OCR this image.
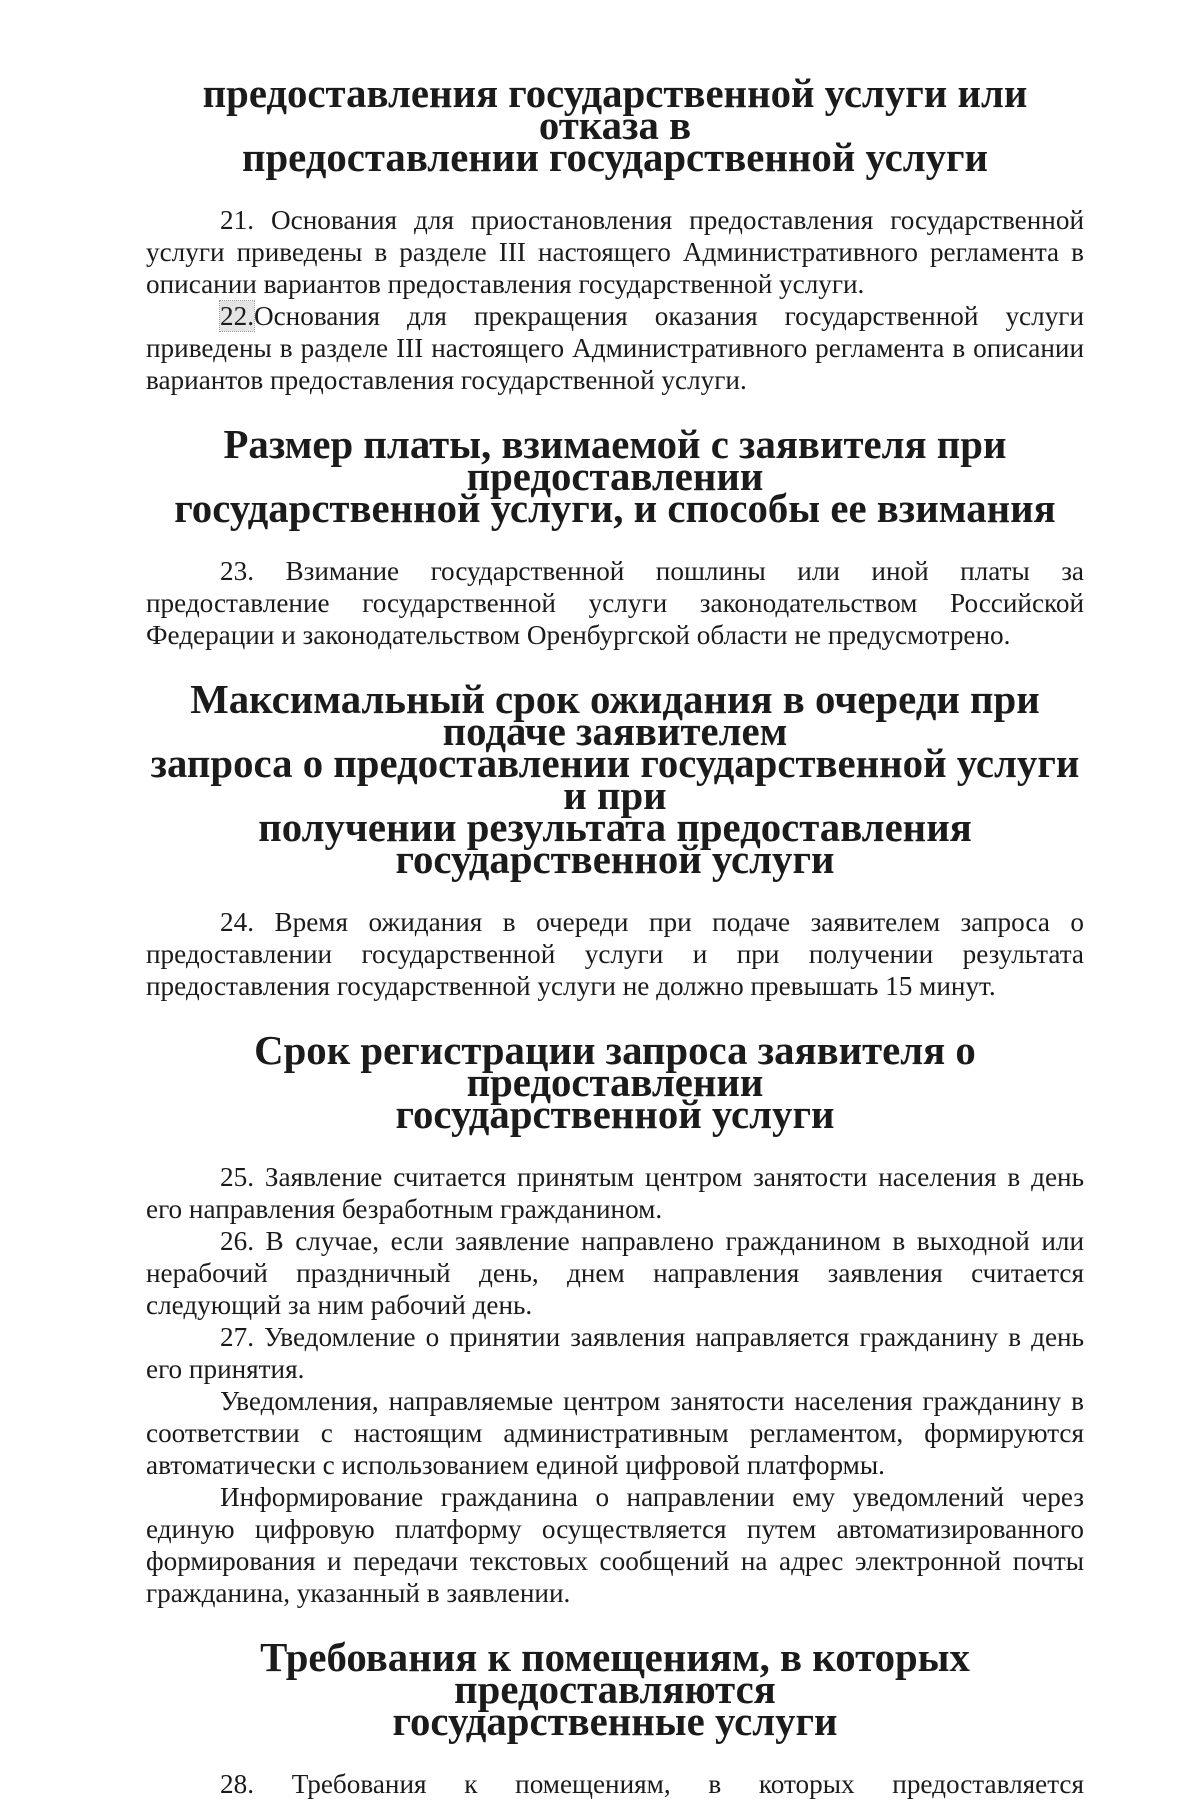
предоставления государственной услуги или отказа в
предоставлении государственной услуги

21. Основания для приостановления предоставления государственной услуги приведены в разделе III настоящего Административного регламента в описании вариантов предоставления государственной услуги.

22.Основания для прекращения оказания государственной услуги приведены в разделе III настоящего Административного регламента в описании вариантов предоставления государственной услуги.

Размер платы, взимаемой с заявителя при предоставлении
государственной услуги, и способы ее взимания

23. Взимание государственной пошлины или иной платы за предоставление государственной услуги законодательством Российской Федерации и законодательством Оренбургской области не предусмотрено.

Максимальный срок ожидания в очереди при подаче заявителем
запроса о предоставлении государственной услуги и при
получении результата предоставления государственной услуги

24. Время ожидания в очереди при подаче заявителем запроса о предоставлении государственной услуги и при получении результата предоставления государственной услуги не должно превышать 15 минут.

Срок регистрации запроса заявителя о предоставлении
государственной услуги

25. Заявление считается принятым центром занятости населения в день его направления безработным гражданином.

26. В случае, если заявление направлено гражданином в выходной или нерабочий праздничный день, днем направления заявления считается следующий за ним рабочий день.

27. Уведомление о принятии заявления направляется гражданину в день его принятия.

Уведомления, направляемые центром занятости населения гражданину в соответствии с настоящим административным регламентом, формируются автоматически с использованием единой цифровой платформы.

Информирование гражданина о направлении ему уведомлений через единую цифровую платформу осуществляется путем автоматизированного формирования и передачи текстовых сообщений на адрес электронной почты гражданина, указанный в заявлении.

Требования к помещениям, в которых предоставляются
государственные услуги

28. Требования к помещениям, в которых предоставляется
